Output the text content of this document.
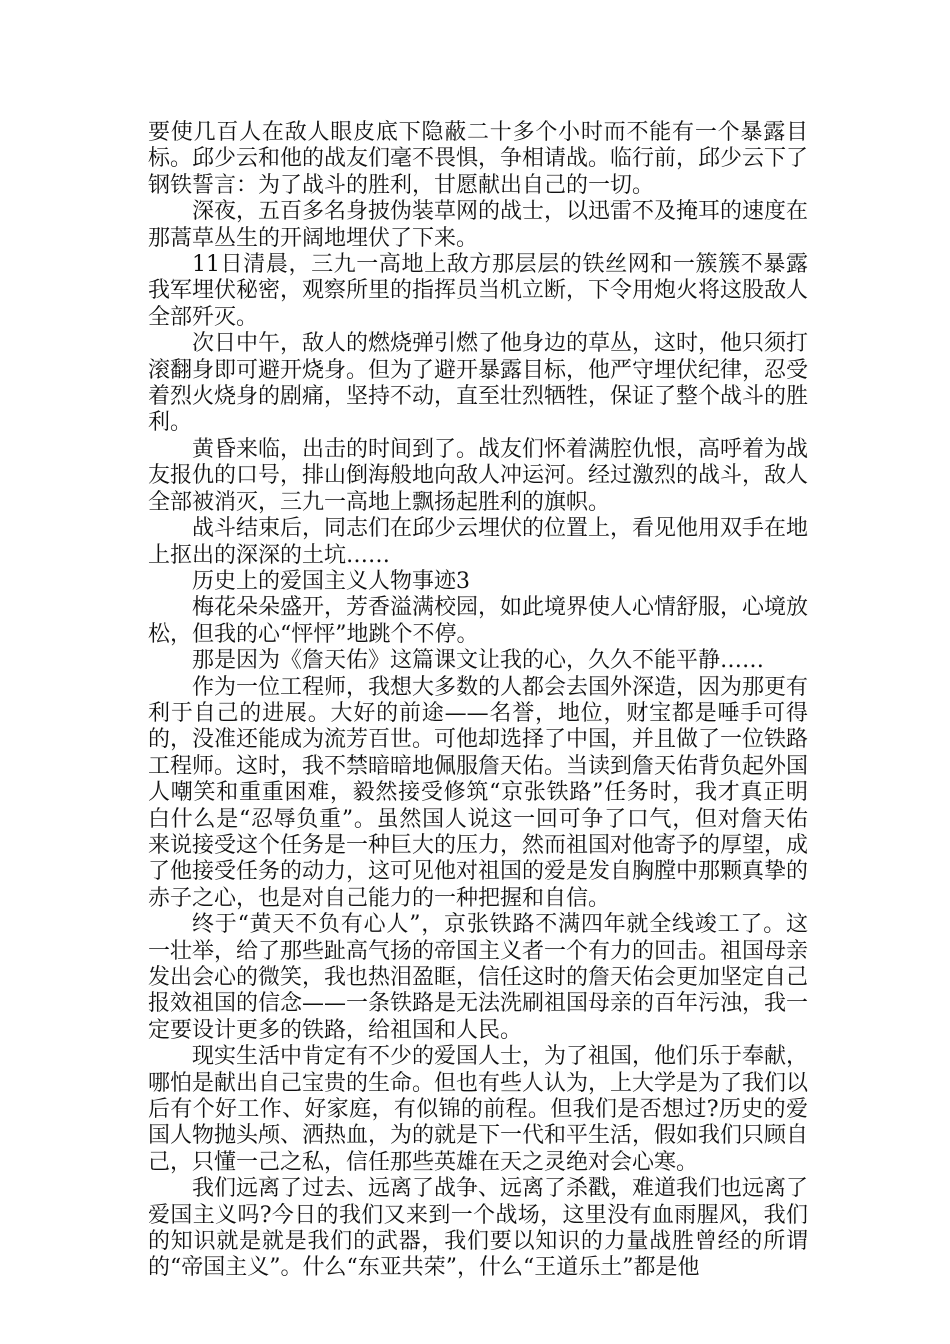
要使几百人在敌人眼皮底下隐蔽二十多个小时而不能有一个暴露目标。邱少云和他的战友们毫不畏惧，争相请战。临行前，邱少云下了钢铁誓言：为了战斗的胜利，甘愿献出自己的一切。

深夜，五百多名身披伪装草网的战士，以迅雷不及掩耳的速度在那蒿草丛生的开阔地埋伏了下来。

11日清晨，三九一高地上敌方那层层的铁丝网和一簇簇不暴露我军埋伏秘密，观察所里的指挥员当机立断，下令用炮火将这股敌人全部歼灭。

次日中午，敌人的燃烧弹引燃了他身边的草丛，这时，他只须打滚翻身即可避开烧身。但为了避开暴露目标，他严守埋伏纪律，忍受着烈火烧身的剧痛，坚持不动，直至壮烈牺牲，保证了整个战斗的胜利。

黄昏来临，出击的时间到了。战友们怀着满腔仇恨，高呼着为战友报仇的口号，排山倒海般地向敌人冲运河。经过激烈的战斗，敌人全部被消灭，三九一高地上飘扬起胜利的旗帜。

战斗结束后，同志们在邱少云埋伏的位置上，看见他用双手在地上抠出的深深的土坑……

历史上的爱国主义人物事迹3

梅花朵朵盛开，芳香溢满校园，如此境界使人心情舒服，心境放松，但我的心“怦怦”地跳个不停。

那是因为《詹天佑》这篇课文让我的心，久久不能平静……

作为一位工程师，我想大多数的人都会去国外深造，因为那更有利于自己的进展。大好的前途——名誉，地位，财宝都是唾手可得的，没准还能成为流芳百世。可他却选择了中国，并且做了一位铁路工程师。这时，我不禁暗暗地佩服詹天佑。当读到詹天佑背负起外国人嘲笑和重重困难，毅然接受修筑“京张铁路”任务时，我才真正明白什么是“忍辱负重”。虽然国人说这一回可争了口气，但对詹天佑来说接受这个任务是一种巨大的压力，然而祖国对他寄予的厚望，成了他接受任务的动力，这可见他对祖国的爱是发自胸膛中那颗真挚的赤子之心，也是对自己能力的一种把握和自信。

终于“黄天不负有心人”，京张铁路不满四年就全线竣工了。这一壮举，给了那些趾高气扬的帝国主义者一个有力的回击。祖国母亲发出会心的微笑，我也热泪盈眶，信任这时的詹天佑会更加坚定自己报效祖国的信念——一条铁路是无法洗刷祖国母亲的百年污浊，我一定要设计更多的铁路，给祖国和人民。

现实生活中肯定有不少的爱国人士，为了祖国，他们乐于奉献，哪怕是献出自己宝贵的生命。但也有些人认为，上大学是为了我们以后有个好工作、好家庭，有似锦的前程。但我们是否想过?历史的爱国人物抛头颅、洒热血，为的就是下一代和平生活，假如我们只顾自己，只懂一己之私，信任那些英雄在天之灵绝对会心寒。

我们远离了过去、远离了战争、远离了杀戳，难道我们也远离了爱国主义吗?今日的我们又来到一个战场，这里没有血雨腥风，我们的知识就是就是我们的武器，我们要以知识的力量战胜曾经的所谓的“帝国主义”。什么“东亚共荣”，什么“王道乐土”都是他
